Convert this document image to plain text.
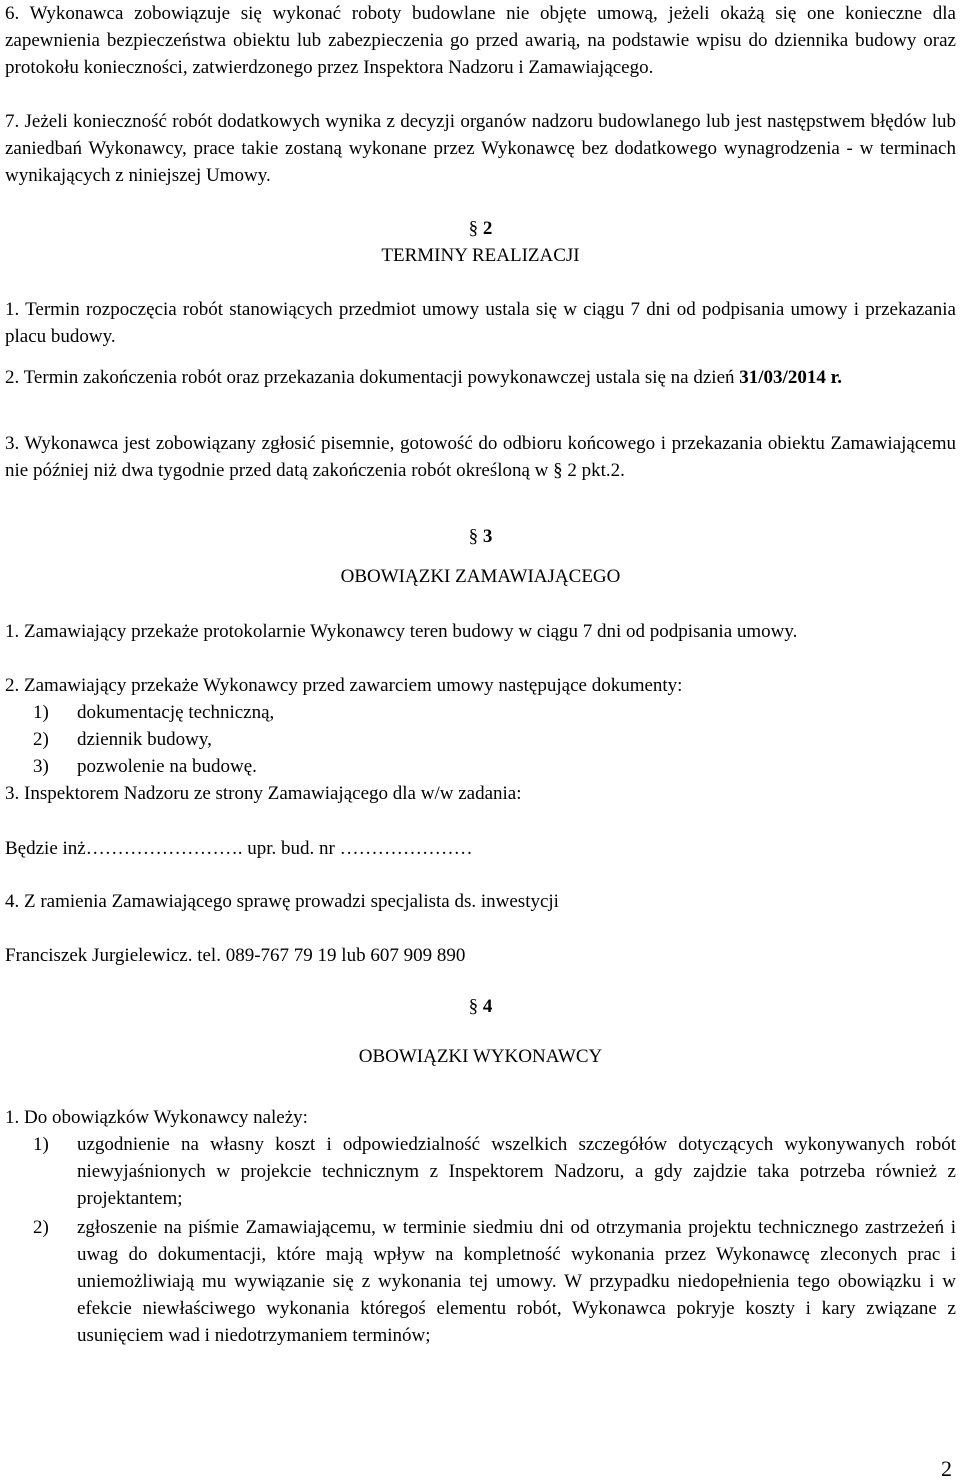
6. Wykonawca zobowiązuje się wykonać roboty budowlane nie objęte umową, jeżeli okażą się one konieczne dla zapewnienia bezpieczeństwa obiektu lub zabezpieczenia go przed awarią, na podstawie wpisu do dziennika budowy oraz protokołu konieczności, zatwierdzonego przez Inspektora Nadzoru i Zamawiającego.

7. Jeżeli konieczność robót dodatkowych wynika z decyzji organów nadzoru budowlanego lub jest następstwem błędów lub zaniedbań Wykonawcy, prace takie zostaną wykonane przez Wykonawcę bez dodatkowego wynagrodzenia - w terminach wynikających z niniejszej Umowy.

§ 2
TERMINY REALIZACJI

1. Termin rozpoczęcia robót stanowiących przedmiot umowy ustala się w ciągu 7 dni od podpisania umowy i przekazania placu budowy.

2. Termin zakończenia robót oraz przekazania dokumentacji powykonawczej ustala się na dzień 31/03/2014 r.

3. Wykonawca jest zobowiązany zgłosić pisemnie, gotowość do odbioru końcowego i przekazania obiektu Zamawiającemu nie później niż dwa tygodnie przed datą zakończenia robót określoną w § 2 pkt.2.

§ 3
OBOWIĄZKI ZAMAWIAJĄCEGO

1. Zamawiający przekaże protokolarnie Wykonawcy teren budowy w ciągu 7 dni od podpisania umowy.

2. Zamawiający przekaże Wykonawcy przed zawarciem umowy następujące dokumenty:

1) dokumentację techniczną,
2) dziennik budowy,
3) pozwolenie na budowę.

3. Inspektorem Nadzoru ze strony Zamawiającego dla w/w zadania:

Będzie inż……………………. upr. bud. nr …………………

4. Z ramienia Zamawiającego sprawę prowadzi specjalista ds. inwestycji

Franciszek Jurgielewicz. tel. 089-767 79 19 lub 607 909 890

§ 4
OBOWIĄZKI WYKONAWCY

1. Do obowiązków Wykonawcy należy:

1) uzgodnienie na własny koszt i odpowiedzialność wszelkich szczegółów dotyczących wykonywanych robót niewyjaśnionych w projekcie technicznym z Inspektorem Nadzoru, a gdy zajdzie taka potrzeba również z projektantem;
2) zgłoszenie na piśmie Zamawiającemu, w terminie siedmiu dni od otrzymania projektu technicznego zastrzeżeń i uwag do dokumentacji, które mają wpływ na kompletność wykonania przez Wykonawcę zleconych prac i uniemożliwiają mu wywiązanie się z wykonania tej umowy. W przypadku niedopełnienia tego obowiązku i w efekcie niewłaściwego wykonania któregoś elementu robót, Wykonawca pokryje koszty i kary związane z usunięciem wad i niedotrzymaniem terminów;
2
